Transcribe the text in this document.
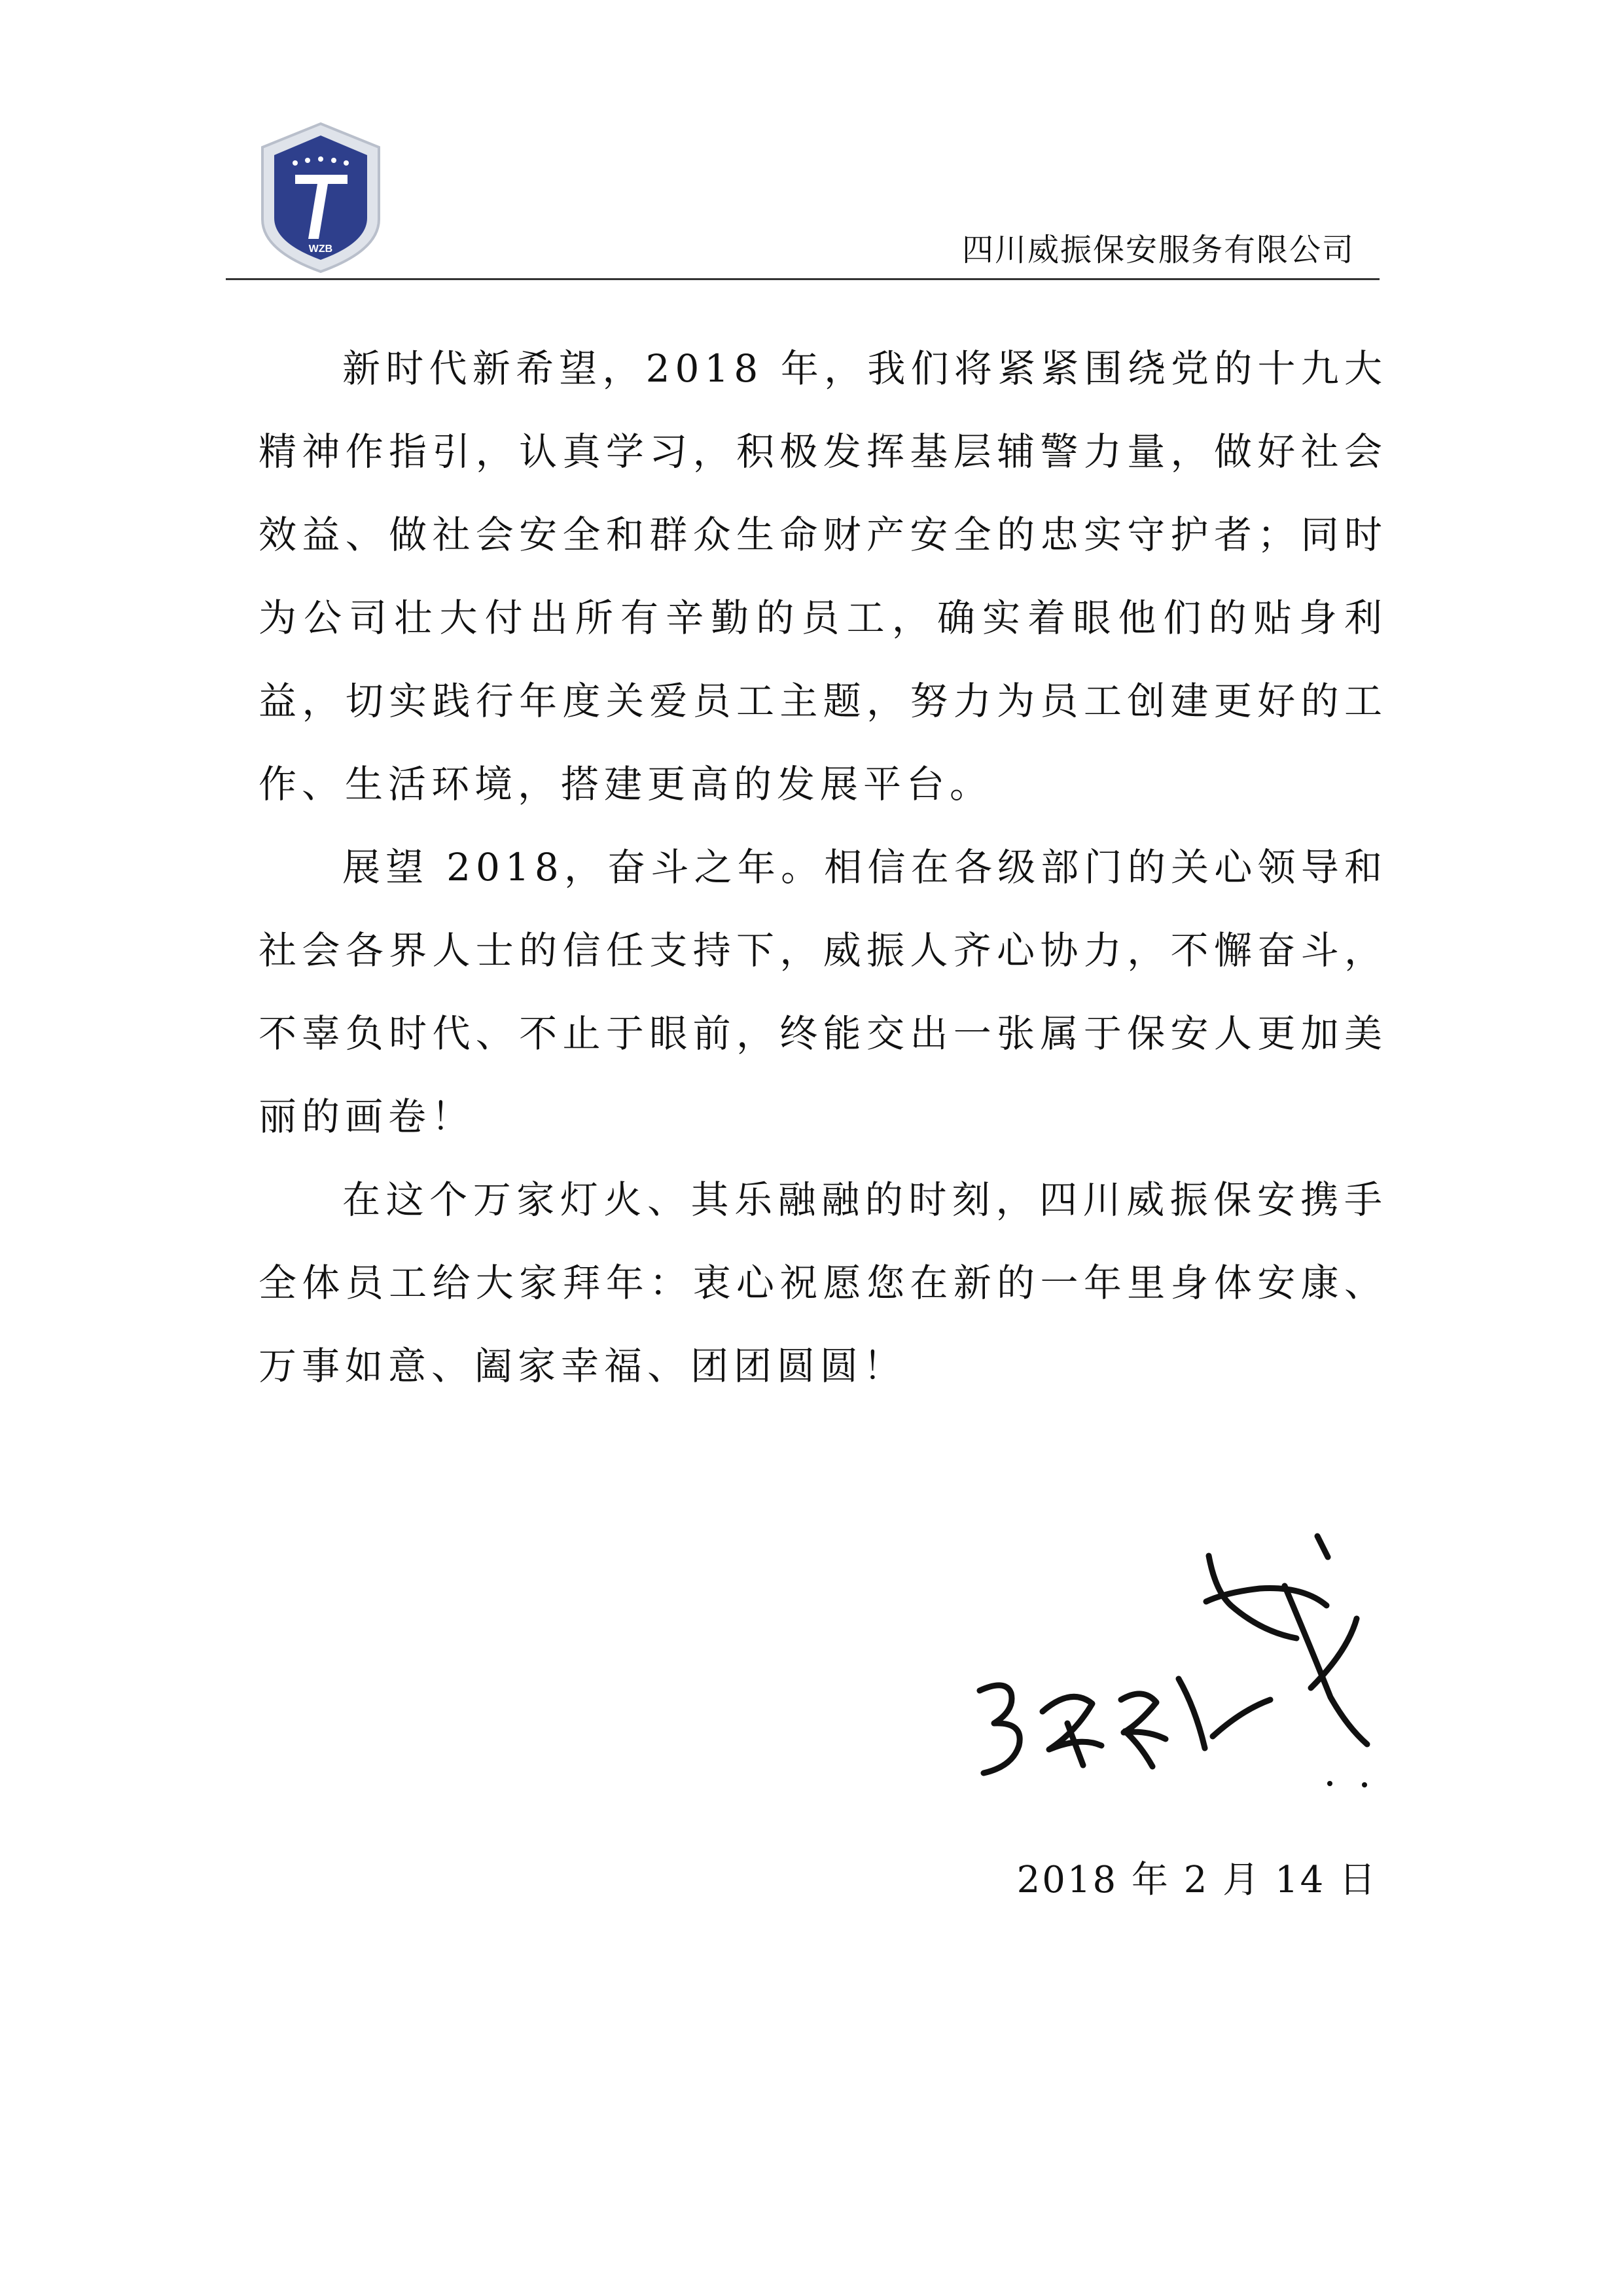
WZB	四川威振保安服务有限公司

新时代新希望，2018 年，我们将紧紧围绕党的十九大精神作指引，认真学习，积极发挥基层辅警力量，做好社会效益、做社会安全和群众生命财产安全的忠实守护者；同时为公司壮大付出所有辛勤的员工，确实着眼他们的贴身利益，切实践行年度关爱员工主题，努力为员工创建更好的工作、生活环境，搭建更高的发展平台。

展望 2018，奋斗之年。相信在各级部门的关心领导和社会各界人士的信任支持下，威振人齐心协力，不懈奋斗，不辜负时代、不止于眼前，终能交出一张属于保安人更加美丽的画卷！

在这个万家灯火、其乐融融的时刻，四川威振保安携手全体员工给大家拜年：衷心祝愿您在新的一年里身体安康、万事如意、阖家幸福、团团圆圆！

2018 年 2 月 14 日
